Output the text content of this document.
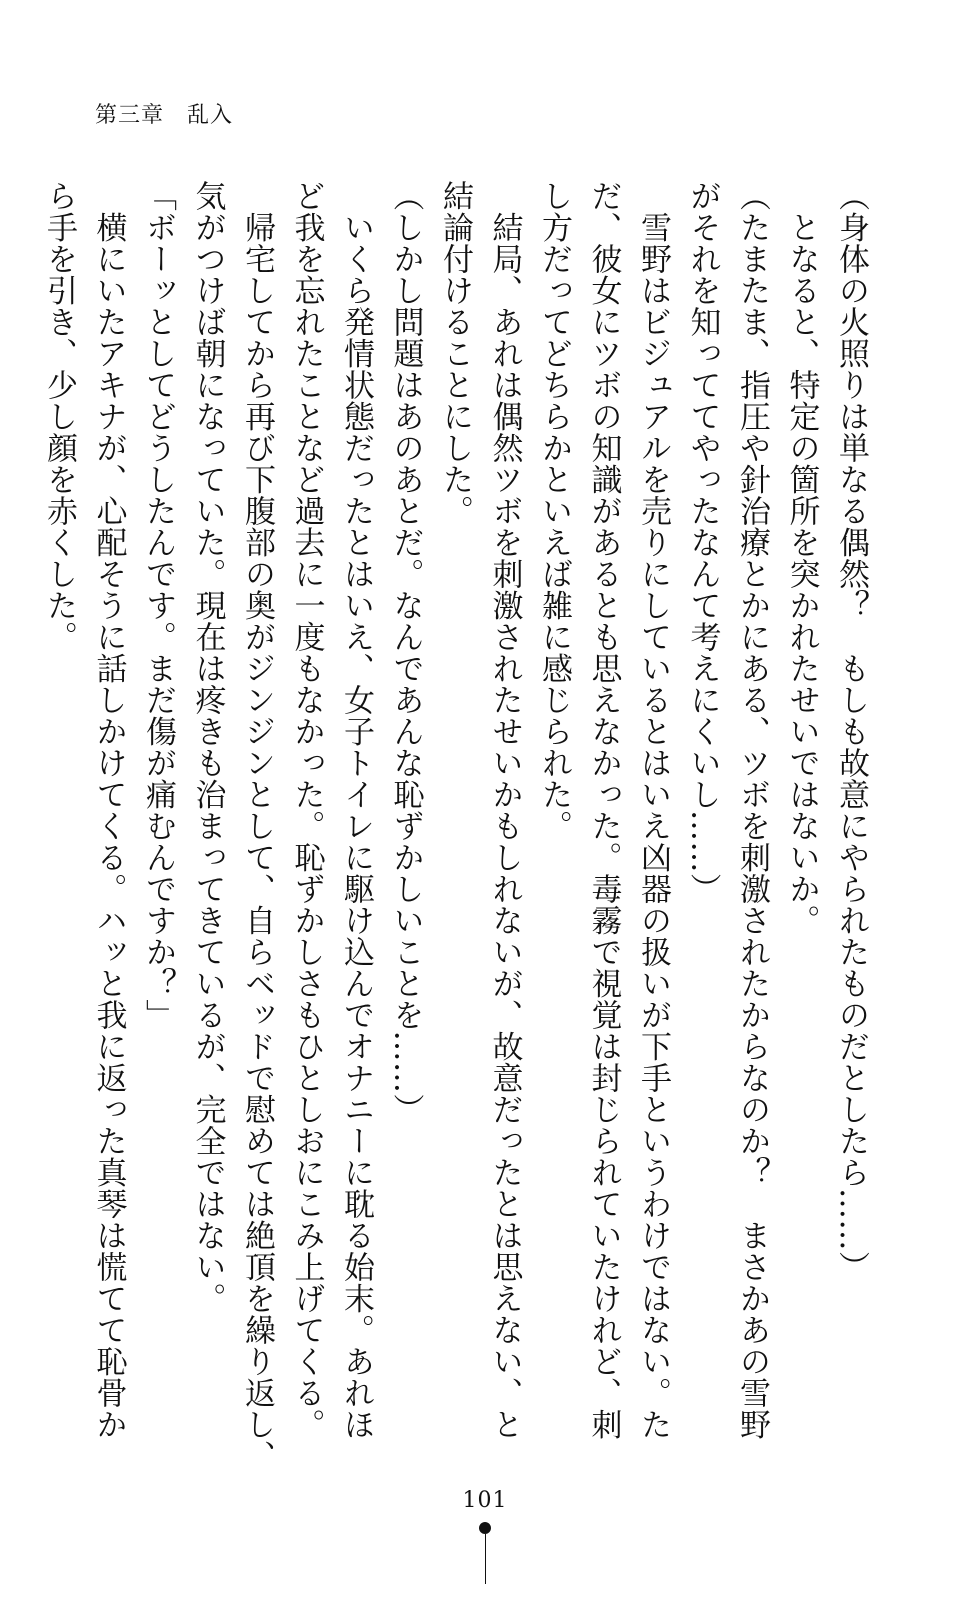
第三章　乱入
（身体の火照りは単なる偶然？　もしも故意にやられたものだとしたら……）
　となると、特定の箇所を突かれたせいではないか。
（たまたま、指圧や針治療とかにある、ツボを刺激されたからなのか？　まさかあの雪野
がそれを知っててやったなんて考えにくいし……）
　雪野はビジュアルを売りにしているとはいえ凶器の扱いが下手というわけではない。た
だ、彼女にツボの知識があるとも思えなかった。毒霧で視覚は封じられていたけれど、刺
し方だってどちらかといえば雑に感じられた。
　結局、あれは偶然ツボを刺激されたせいかもしれないが、故意だったとは思えない、と
結論付けることにした。
（しかし問題はあのあとだ。なんであんな恥ずかしいことを……）
　いくら発情状態だったとはいえ、女子トイレに駆け込んでオナニーに耽る始末。あれほ
ど我を忘れたことなど過去に一度もなかった。恥ずかしさもひとしおにこみ上げてくる。
　帰宅してから再び下腹部の奥がジンジンとして、自らベッドで慰めては絶頂を繰り返し、
気がつけば朝になっていた。現在は疼きも治まってきているが、完全ではない。
「ボーッとしてどうしたんです。まだ傷が痛むんですか？」
　横にいたアキナが、心配そうに話しかけてくる。ハッと我に返った真琴は慌てて恥骨か
ら手を引き、少し顔を赤くした。
101
